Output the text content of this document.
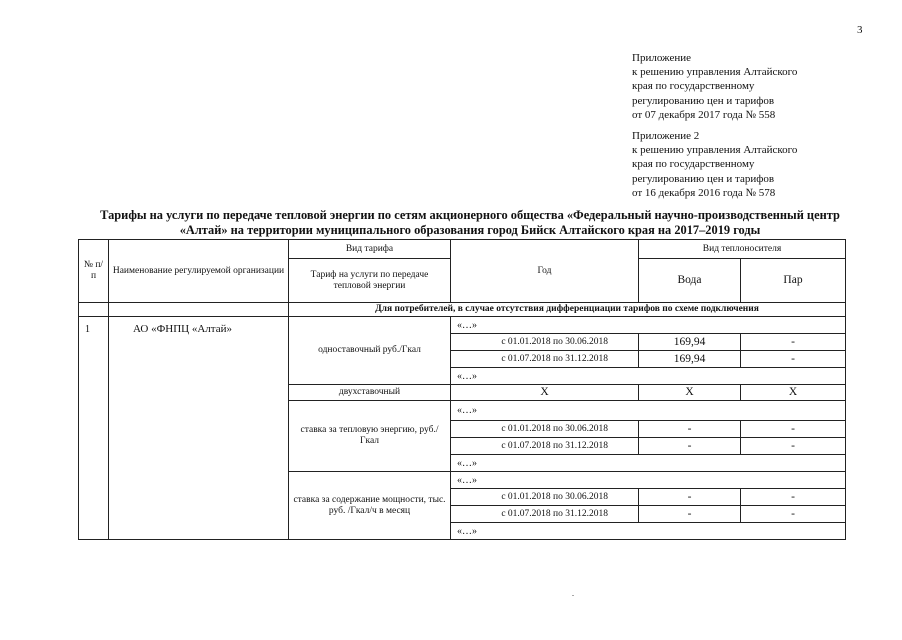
3
Приложение
к решению управления Алтайского
края по государственному
регулированию цен и тарифов
от 07 декабря 2017 года № 558
Приложение 2
к решению управления Алтайского
края по государственному
регулированию цен и тарифов
от 16 декабря 2016 года № 578
Тарифы на услуги по передаче тепловой энергии по сетям акционерного общества «Федеральный научно-производственный центр
«Алтай» на территории муниципального образования город Бийск Алтайского края на 2017–2019 годы
№ п/п	Наименование регулируемой организации	Вид тарифа	Год	Вид теплоносителя	
		Тариф на услуги по передаче тепловой энергии		Вода	Пар
		Для потребителей, в случае отсутствия дифференциации тарифов по схеме подключения			
1	АО «ФНПЦ «Алтай»	одноставочный руб./Гкал	«…»		
			с 01.01.2018 по 30.06.2018	169,94	-
			с 01.07.2018 по 31.12.2018	169,94	-
			«…»		
		двухставочный	Х	Х	Х
		ставка за тепловую энергию, руб./Гкал	«…»		
			с 01.01.2018 по 30.06.2018	-	-
			с 01.07.2018 по 31.12.2018	-	-
			«…»		
		ставка за содержание мощности, тыс. руб. /Гкал/ч в месяц	«…»		
			с 01.01.2018 по 30.06.2018	-	-
			с 01.07.2018 по 31.12.2018	-	-
			«…»		
.
